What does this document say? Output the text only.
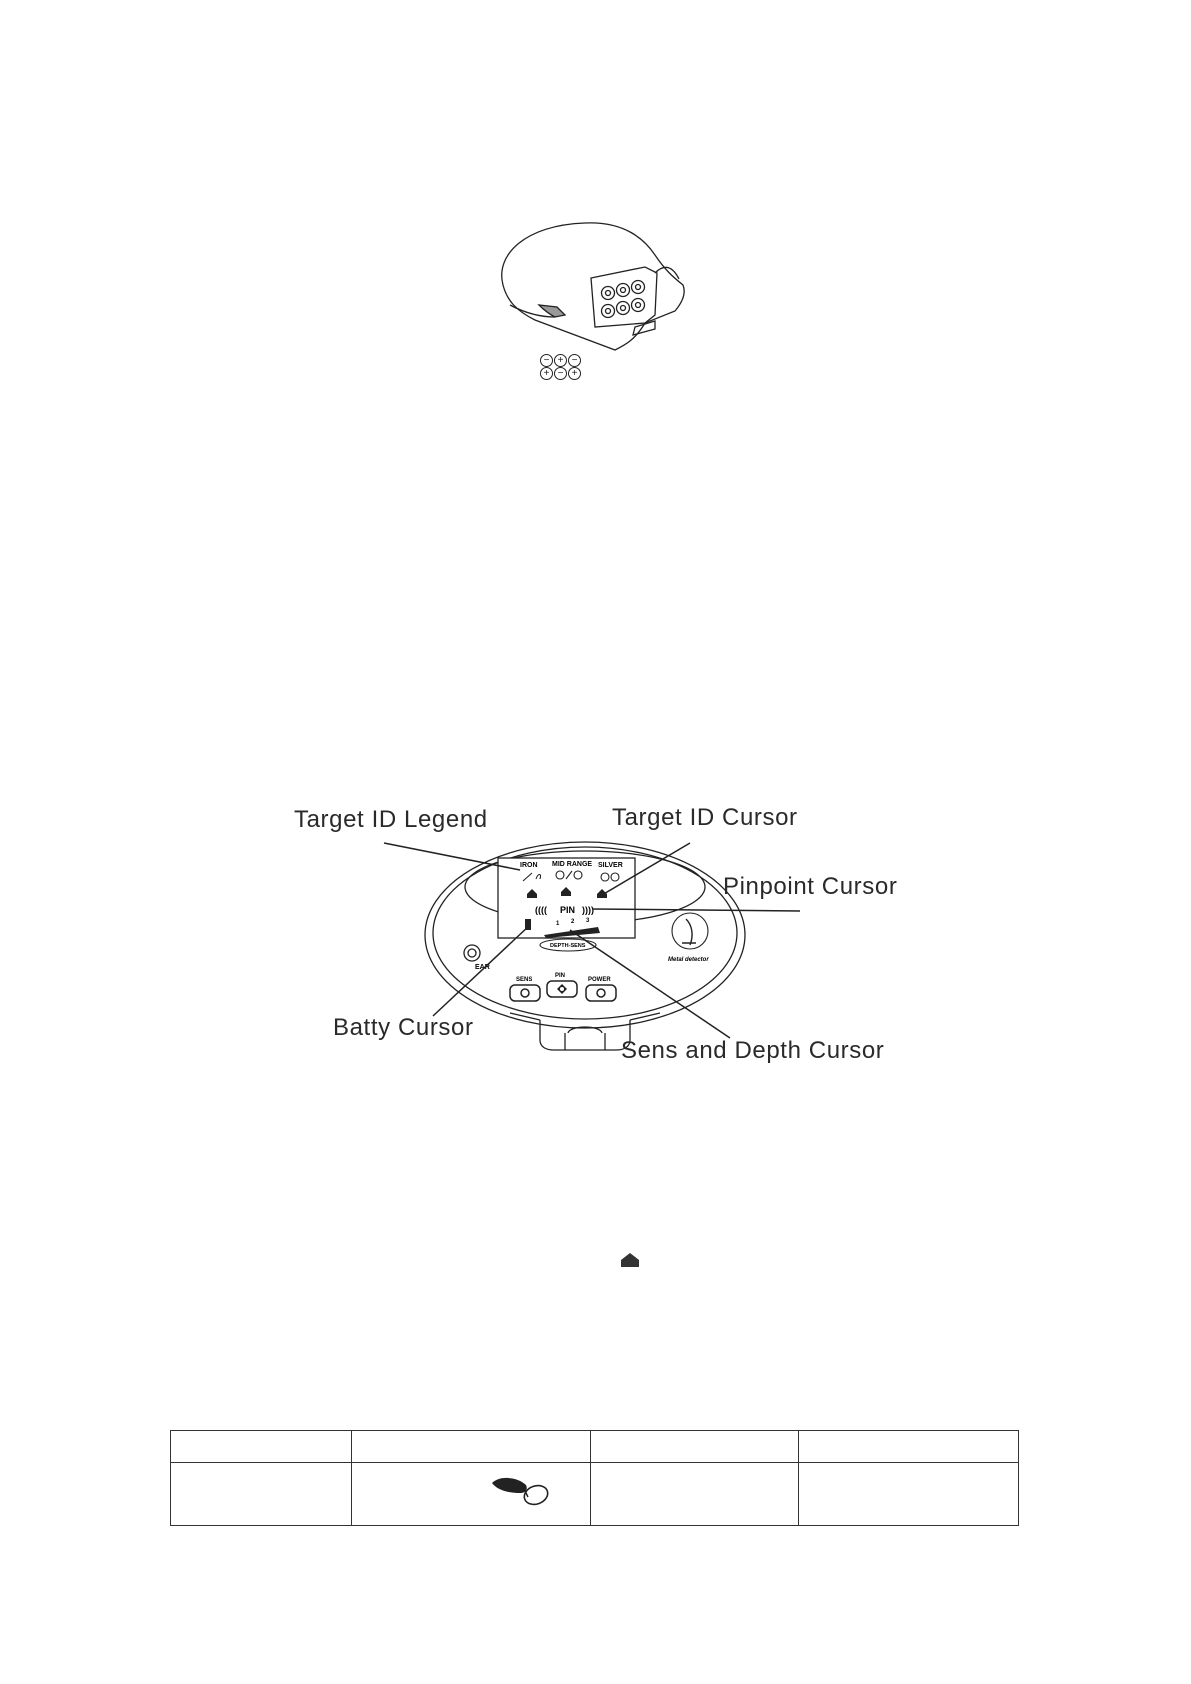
− + −
+ − +
IRON MID RANGE SILVER
(((( PIN ))))
1 2 3
DEPTH-SENS
EAR
Metal detector
SENS
PIN
POWER
Target ID Legend	Target ID Cursor
Pinpoint Cursor
Batty Cursor
Sens and Depth Cursor
